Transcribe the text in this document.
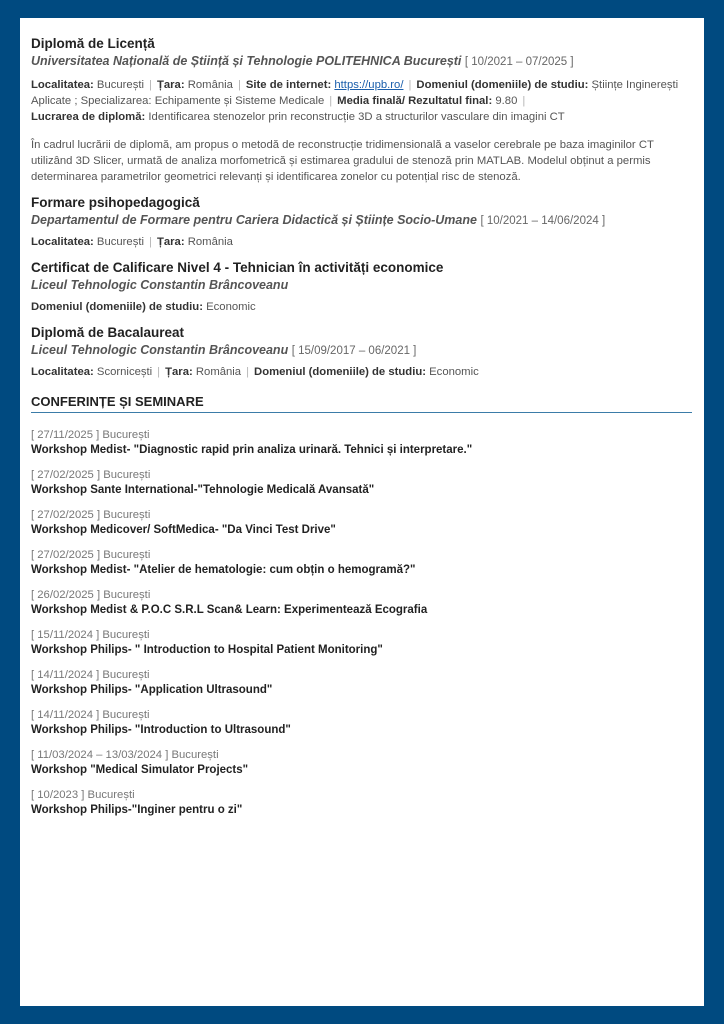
Diplomă de Licență

Universitatea Națională de Știință și Tehnologie POLITEHNICA București [ 10/2021 – 07/2025 ]

Localitatea: București | Țara: România | Site de internet: https://upb.ro/ | Domeniul (domeniile) de studiu: Științe Inginerești Aplicate ; Specializarea: Echipamente și Sisteme Medicale | Media finală/ Rezultatul final: 9.80 |
Lucrarea de diplomă: Identificarea stenozelor prin reconstrucție 3D a structurilor vasculare din imagini CT

În cadrul lucrării de diplomă, am propus o metodă de reconstrucție tridimensională a vaselor cerebrale pe baza imaginilor CT utilizând 3D Slicer, urmată de analiza morfometrică și estimarea gradului de stenoză prin MATLAB. Modelul obținut a permis determinarea parametrilor geometrici relevanți și identificarea zonelor cu potențial risc de stenoză.

Formare psihopedagogică

Departamentul de Formare pentru Cariera Didactică și Științe Socio-Umane [ 10/2021 – 14/06/2024 ]

Localitatea: București | Țara: România

Certificat de Calificare Nivel 4 - Tehnician în activități economice

Liceul Tehnologic Constantin Brâncoveanu

Domeniul (domeniile) de studiu: Economic

Diplomă de Bacalaureat

Liceul Tehnologic Constantin Brâncoveanu [ 15/09/2017 – 06/2021 ]

Localitatea: Scornicești | Țara: România | Domeniul (domeniile) de studiu: Economic

CONFERINȚE ȘI SEMINARE
[ 27/11/2025 ] București
Workshop Medist- "Diagnostic rapid prin analiza urinară. Tehnici și interpretare."
[ 27/02/2025 ] București
Workshop Sante International-"Tehnologie Medicală Avansată"
[ 27/02/2025 ] București
Workshop Medicover/ SoftMedica- "Da Vinci Test Drive"
[ 27/02/2025 ] București
Workshop Medist- "Atelier de hematologie: cum obțin o hemogramă?"
[ 26/02/2025 ] București
Workshop Medist & P.O.C S.R.L Scan& Learn: Experimentează Ecografia
[ 15/11/2024 ] București
Workshop Philips- " Introduction to Hospital Patient Monitoring"
[ 14/11/2024 ] București
Workshop Philips- "Application Ultrasound"
[ 14/11/2024 ] București
Workshop Philips- "Introduction to Ultrasound"
[ 11/03/2024 – 13/03/2024 ] București
Workshop "Medical Simulator Projects"
[ 10/2023 ] București
Workshop Philips-"Inginer pentru o zi"
